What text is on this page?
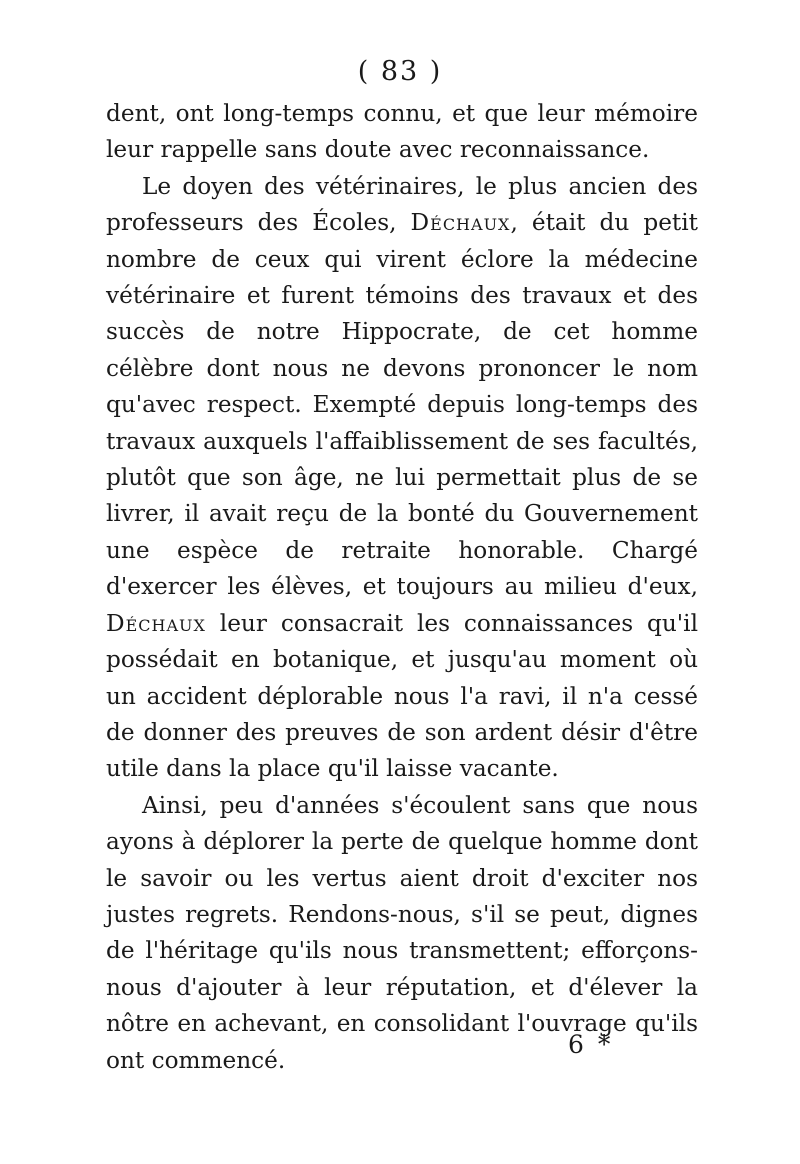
( 83 )

dent, ont long-temps connu, et que leur mémoire leur rappelle sans doute avec reconnaissance.

Le doyen des vétérinaires, le plus ancien des professeurs des Écoles, Déchaux, était du petit nombre de ceux qui virent éclore la médecine vétérinaire et furent témoins des travaux et des succès de notre Hippocrate, de cet homme célèbre dont nous ne devons prononcer le nom qu'avec respect. Exempté depuis long-temps des travaux auxquels l'affaiblissement de ses facultés, plutôt que son âge, ne lui permettait plus de se livrer, il avait reçu de la bonté du Gouvernement une espèce de retraite honorable. Chargé d'exercer les élèves, et toujours au milieu d'eux, Déchaux leur consacrait les connaissances qu'il possédait en botanique, et jusqu'au moment où un accident déplorable nous l'a ravi, il n'a cessé de donner des preuves de son ardent désir d'être utile dans la place qu'il laisse vacante.

Ainsi, peu d'années s'écoulent sans que nous ayons à déplorer la perte de quelque homme dont le savoir ou les vertus aient droit d'exciter nos justes regrets. Rendons-nous, s'il se peut, dignes de l'héritage qu'ils nous transmettent; efforçons-nous d'ajouter à leur réputation, et d'élever la nôtre en achevant, en consolidant l'ouvrage qu'ils ont commencé.

6 *
